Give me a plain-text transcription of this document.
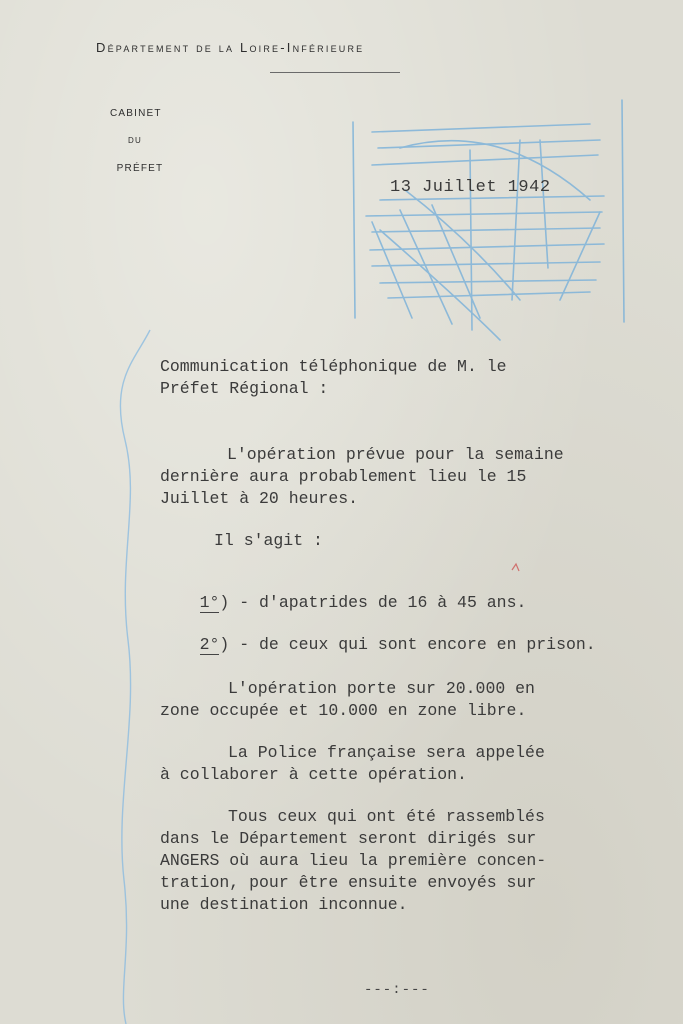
Département de la Loire-Inférieure
CABINET
DU
PRÉFET
13 Juillet 1942
Communication téléphonique de M. le
Préfet Régional :
L'opération prévue pour la semaine
dernière aura probablement lieu le 15
Juillet à 20 heures.
Il s'agit :

1°) - d'apatrides de 16 à 45 ans.

2°) - de ceux qui sont encore en prison.

L'opération porte sur 20.000 en
zone occupée et 10.000 en zone libre.
La Police française sera appelée
à collaborer à cette opération.
Tous ceux qui ont été rassemblés
dans le Département seront dirigés sur
ANGERS où aura lieu la première concen-
tration, pour être ensuite envoyés sur
une destination inconnue.
---:---
